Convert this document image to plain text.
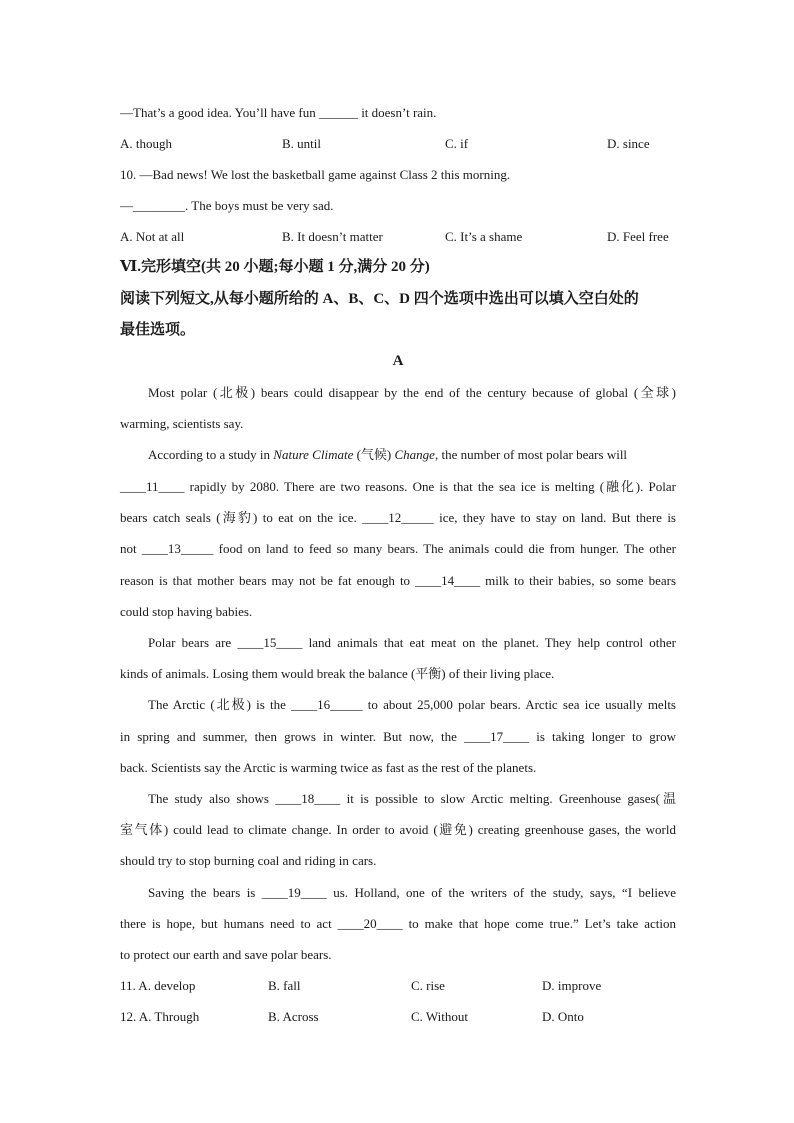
—That’s a good idea. You’ll have fun ______ it doesn’t rain.
A. though	B. until	C. if	D. since
10. —Bad news! We lost the basketball game against Class 2 this morning.
—________. The boys must be very sad.
A. Not at all	B. It doesn’t matter	C. It’s a shame	D. Feel free
Ⅵ.完形填空(共 20 小题;每小题 1 分,满分 20 分)
阅读下列短文,从每小题所给的 A、B、C、D 四个选项中选出可以填入空白处的
最佳选项。
A
Most polar (北极) bears could disappear by the end of the century because of global (全球)
warming, scientists say.
According to a study in Nature Climate (气候) Change, the number of most polar bears will
____11____ rapidly by 2080. There are two reasons. One is that the sea ice is melting (融化). Polar
bears catch seals (海豹) to eat on the ice. ____12_____ ice, they have to stay on land. But there is
not ____13_____ food on land to feed so many bears. The animals could die from hunger. The other
reason is that mother bears may not be fat enough to ____14____ milk to their babies, so some bears
could stop having babies.
Polar bears are ____15____ land animals that eat meat on the planet. They help control other
kinds of animals. Losing them would break the balance (平衡) of their living place.
The Arctic (北极) is the ____16_____ to about 25,000 polar bears. Arctic sea ice usually melts
in spring and summer, then grows in winter. But now, the ____17____ is taking longer to grow
back. Scientists say the Arctic is warming twice as fast as the rest of the planets.
The study also shows ____18____ it is possible to slow Arctic melting. Greenhouse gases(温
室气体) could lead to climate change. In order to avoid (避免) creating greenhouse gases, the world
should try to stop burning coal and riding in cars.
Saving the bears is ____19____ us. Holland, one of the writers of the study, says, “I believe
there is hope, but humans need to act ____20____ to make that hope come true.” Let’s take action
to protect our earth and save polar bears.
11. A. develop	B. fall	C. rise	D. improve
12. A. Through	B. Across	C. Without	D. Onto
